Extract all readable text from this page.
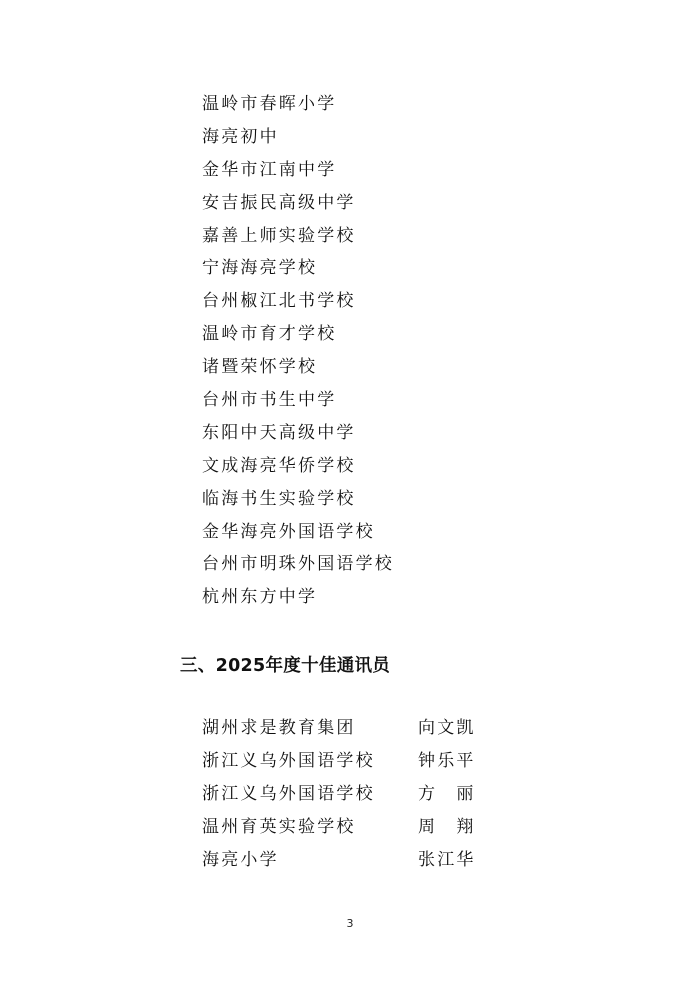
温岭市春晖小学
海亮初中
金华市江南中学
安吉振民高级中学
嘉善上师实验学校
宁海海亮学校
台州椒江北书学校
温岭市育才学校
诸暨荣怀学校
台州市书生中学
东阳中天高级中学
文成海亮华侨学校
临海书生实验学校
金华海亮外国语学校
台州市明珠外国语学校
杭州东方中学
三、2025年度十佳通讯员
湖州求是教育集团	向文凯
浙江义乌外国语学校	钟乐平
浙江义乌外国语学校	方　丽
温州育英实验学校	周　翔
海亮小学	张江华
3
